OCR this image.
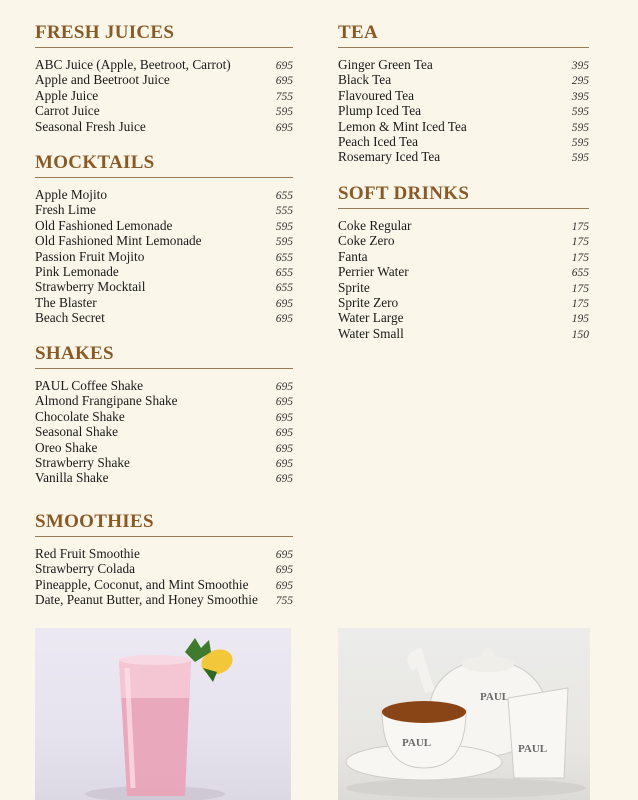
FRESH JUICES
ABC Juice (Apple, Beetroot, Carrot)	695
Apple and Beetroot Juice	695
Apple Juice	755
Carrot Juice	595
Seasonal Fresh Juice	695
MOCKTAILS
Apple Mojito	655
Fresh Lime	555
Old Fashioned Lemonade	595
Old Fashioned Mint Lemonade	595
Passion Fruit Mojito	655
Pink Lemonade	655
Strawberry Mocktail	655
The Blaster	695
Beach Secret	695
SHAKES
PAUL Coffee Shake	695
Almond Frangipane Shake	695
Chocolate Shake	695
Seasonal Shake	695
Oreo Shake	695
Strawberry Shake	695
Vanilla Shake	695
SMOOTHIES
Red Fruit Smoothie	695
Strawberry Colada	695
Pineapple, Coconut, and Mint Smoothie 695
Date, Peanut Butter, and Honey Smoothie 755
TEA
Ginger Green Tea	395
Black Tea	295
Flavoured Tea	395
Plump Iced Tea	595
Lemon & Mint Iced Tea	595
Peach Iced Tea	595
Rosemary Iced Tea	595
SOFT DRINKS
Coke Regular	175
Coke Zero	175
Fanta	175
Perrier Water	655
Sprite	175
Sprite Zero	175
Water Large	195
Water Small	150
PAUL
PAUL
PAUL
